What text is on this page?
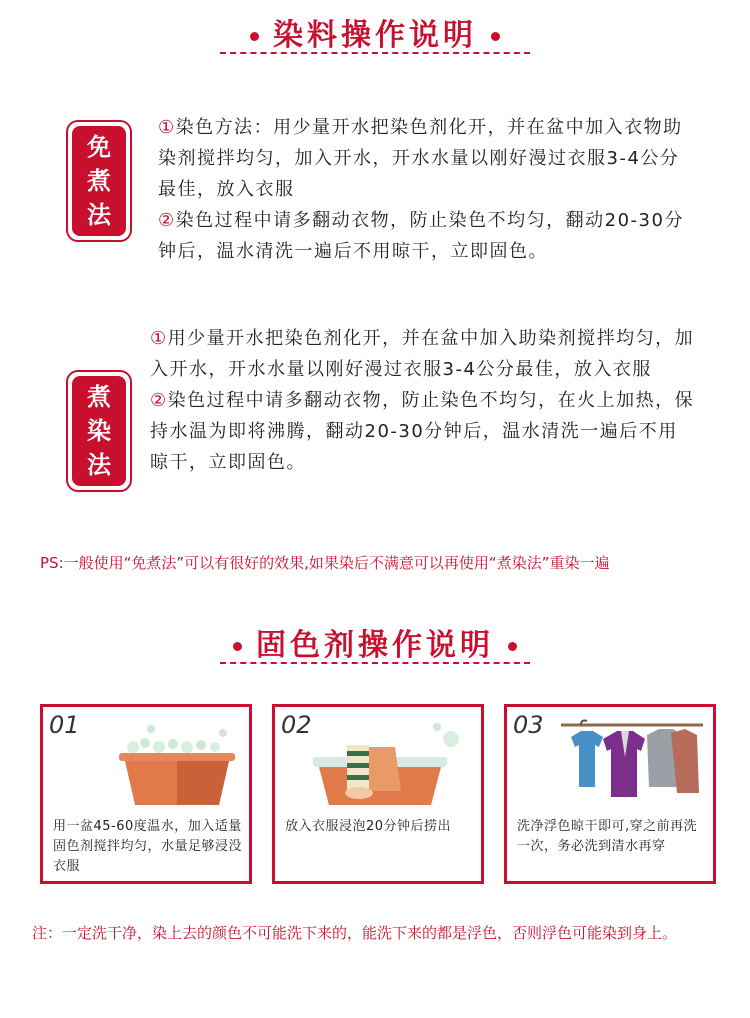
染料操作说明
免
煮
法

①染色方法：用少量开水把染色剂化开，并在盆中加入衣物助染剂搅拌均匀，加入开水，开水水量以刚好漫过衣服3-4公分最佳，放入衣服

②染色过程中请多翻动衣物，防止染色不均匀，翻动20-30分钟后，温水清洗一遍后不用晾干，立即固色。

煮
染
法

①用少量开水把染色剂化开，并在盆中加入助染剂搅拌均匀，加入开水，开水水量以刚好漫过衣服3-4公分最佳，放入衣服

②染色过程中请多翻动衣物，防止染色不均匀，在火上加热，保持水温为即将沸腾，翻动20-30分钟后，温水清洗一遍后不用晾干，立即固色。

PS:一般使用“免煮法”可以有很好的效果,如果染后不满意可以再使用“煮染法”重染一遍
固色剂操作说明
01
用一盆45-60度温水，加入适量固色剂搅拌均匀，水量足够浸没衣服
02
放入衣服浸泡20分钟后捞出
03
洗净浮色晾干即可,穿之前再洗一次，务必洗到清水再穿
注：一定洗干净，染上去的颜色不可能洗下来的，能洗下来的都是浮色，否则浮色可能染到身上。
